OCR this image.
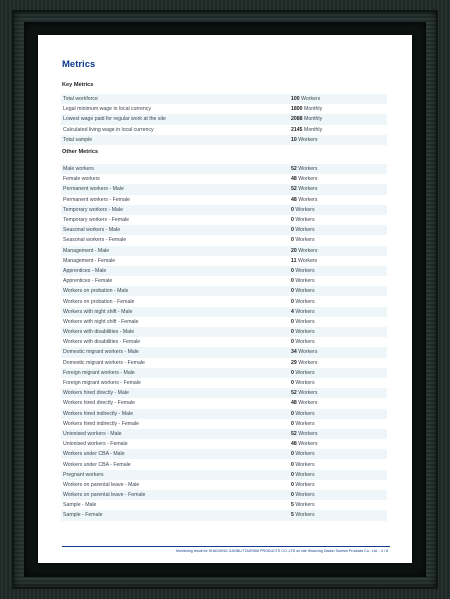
Metrics
Key Metrics
Total workforce	100 Workers
Legal minimum wage in local currency	1800 Monthly
Lowest wage paid for regular work at the site	2088 Monthly
Calculated living wage in local currency	2145 Monthly
Total sample	10 Workers
Other Metrics
Male workers	52 Workers
Female workers	48 Workers
Permanent workers - Male	52 Workers
Permanent workers - Female	48 Workers
Temporary workers - Male	0 Workers
Temporary workers - Female	0 Workers
Seasonal workers - Male	0 Workers
Seasonal workers - Female	0 Workers
Management - Male	20 Workers
Management - Female	11 Workers
Apprentices - Male	0 Workers
Apprentices - Female	0 Workers
Workers on probation - Male	0 Workers
Workers on probation - Female	0 Workers
Workers with night shift - Male	4 Workers
Workers with night shift - Female	0 Workers
Workers with disabilities - Male	0 Workers
Workers with disabilities - Female	0 Workers
Domestic migrant workers - Male	34 Workers
Domestic migrant workers - Female	29 Workers
Foreign migrant workers - Male	0 Workers
Foreign migrant workers - Female	0 Workers
Workers hired directly - Male	52 Workers
Workers hired directly - Female	48 Workers
Workers hired indirectly - Male	0 Workers
Workers hired indirectly - Female	0 Workers
Unionised workers - Male	52 Workers
Unionised workers - Female	48 Workers
Workers under CBA - Male	0 Workers
Workers under CBA - Female	0 Workers
Pregnant workers	0 Workers
Workers on parental leave - Male	0 Workers
Workers on parental leave - Female	0 Workers
Sample - Male	5 Workers
Sample - Female	5 Workers
Monitoring result for SHAOXING GAOBU TOURISM PRODUCTS CO.,LTD on site Shaoxing Gaobu Tourism Products Co., Ltd. - 4 / 8
